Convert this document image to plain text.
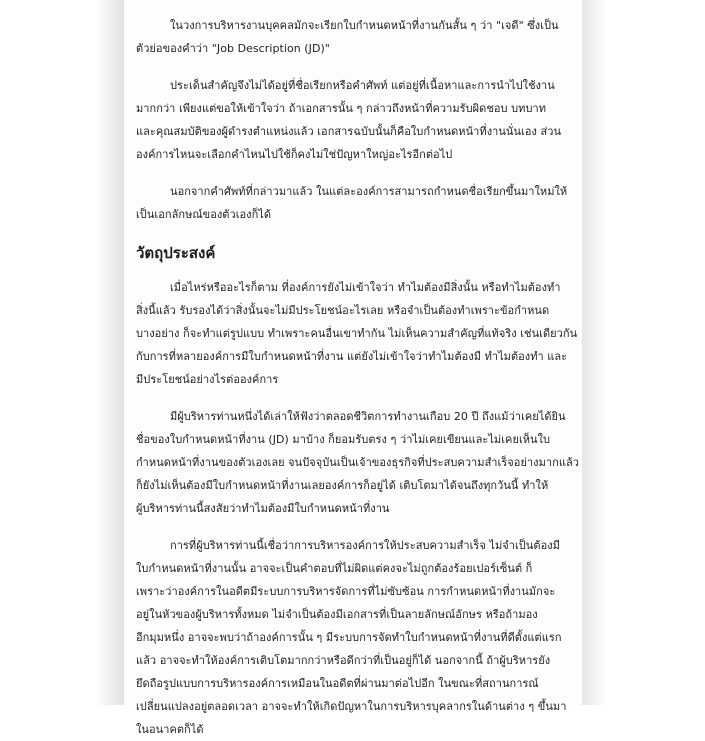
ในวงการบริหารงานบุคคลมักจะเรียกใบกำหนดหน้าที่งานกันสั้น ๆ ว่า "เจดี" ซึ่งเป็น
ตัวย่อของคำว่า "Job Description (JD)"
ประเด็นสำคัญจึงไม่ได้อยู่ที่ชื่อเรียกหรือคำศัพท์ แต่อยู่ที่เนื้อหาและการนำไปใช้งาน
มากกว่า เพียงแต่ขอให้เข้าใจว่า ถ้าเอกสารนั้น ๆ กล่าวถึงหน้าที่ความรับผิดชอบ บทบาท
และคุณสมบัติของผู้ดำรงตำแหน่งแล้ว เอกสารฉบับนั้นก็คือใบกำหนดหน้าที่งานนั่นเอง ส่วน
องค์การไหนจะเลือกคำไหนไปใช้ก็คงไม่ใช่ปัญหาใหญ่อะไรอีกต่อไป
นอกจากคำศัพท์ที่กล่าวมาแล้ว ในแต่ละองค์การสามารถกำหนดชื่อเรียกขึ้นมาใหม่ให้
เป็นเอกลักษณ์ของตัวเองก็ได้
วัตถุประสงค์
เมื่อไหร่หรืออะไรก็ตาม ที่องค์การยังไม่เข้าใจว่า ทำไมต้องมีสิ่งนั้น หรือทำไมต้องทำ
สิ่งนี้แล้ว รับรองได้ว่าสิ่งนั้นจะไม่มีประโยชน์อะไรเลย หรือจำเป็นต้องทำเพราะข้อกำหนด
บางอย่าง ก็จะทำแต่รูปแบบ ทำเพราะคนอื่นเขาทำกัน ไม่เห็นความสำคัญที่แท้จริง เช่นเดียวกัน
กับการที่หลายองค์การมีใบกำหนดหน้าที่งาน แต่ยังไม่เข้าใจว่าทำไมต้องมี ทำไมต้องทำ และ
มีประโยชน์อย่างไรต่อองค์การ
มีผู้บริหารท่านหนึ่งได้เล่าให้ฟังว่าตลอดชีวิตการทำงานเกือบ 20 ปี ถึงแม้ว่าเคยได้ยิน
ชื่อของใบกำหนดหน้าที่งาน (JD) มาบ้าง ก็ยอมรับตรง ๆ ว่าไม่เคยเขียนและไม่เคยเห็นใบ
กำหนดหน้าที่งานของตัวเองเลย จนปัจจุบันเป็นเจ้าของธุรกิจที่ประสบความสำเร็จอย่างมากแล้ว
ก็ยังไม่เห็นต้องมีใบกำหนดหน้าที่งานเลยองค์การก็อยู่ได้ เติบโตมาได้จนถึงทุกวันนี้ ทำให้
ผู้บริหารท่านนี้สงสัยว่าทำไมต้องมีใบกำหนดหน้าที่งาน
การที่ผู้บริหารท่านนี้เชื่อว่าการบริหารองค์การให้ประสบความสำเร็จ ไม่จำเป็นต้องมี
ใบกำหนดหน้าที่งานนั้น อาจจะเป็นคำตอบที่ไม่ผิดแต่คงจะไม่ถูกต้องร้อยเปอร์เซ็นต์ ก็
เพราะว่าองค์การในอดีตมีระบบการบริหารจัดการที่ไม่ซับซ้อน การกำหนดหน้าที่งานมักจะ
อยู่ในหัวของผู้บริหารทั้งหมด ไม่จำเป็นต้องมีเอกสารที่เป็นลายลักษณ์อักษร หรือถ้ามอง
อีกมุมหนึ่ง อาจจะพบว่าถ้าองค์การนั้น ๆ มีระบบการจัดทำใบกำหนดหน้าที่งานที่ดีตั้งแต่แรก
แล้ว อาจจะทำให้องค์การเติบโตมากกว่าหรือดีกว่าที่เป็นอยู่ก็ได้ นอกจากนี้ ถ้าผู้บริหารยัง
ยึดถือรูปแบบการบริหารองค์การเหมือนในอดีตที่ผ่านมาต่อไปอีก ในขณะที่สถานการณ์
เปลี่ยนแปลงอยู่ตลอดเวลา อาจจะทำให้เกิดปัญหาในการบริหารบุคลากรในด้านต่าง ๆ ขึ้นมา
ในอนาคตก็ได้
